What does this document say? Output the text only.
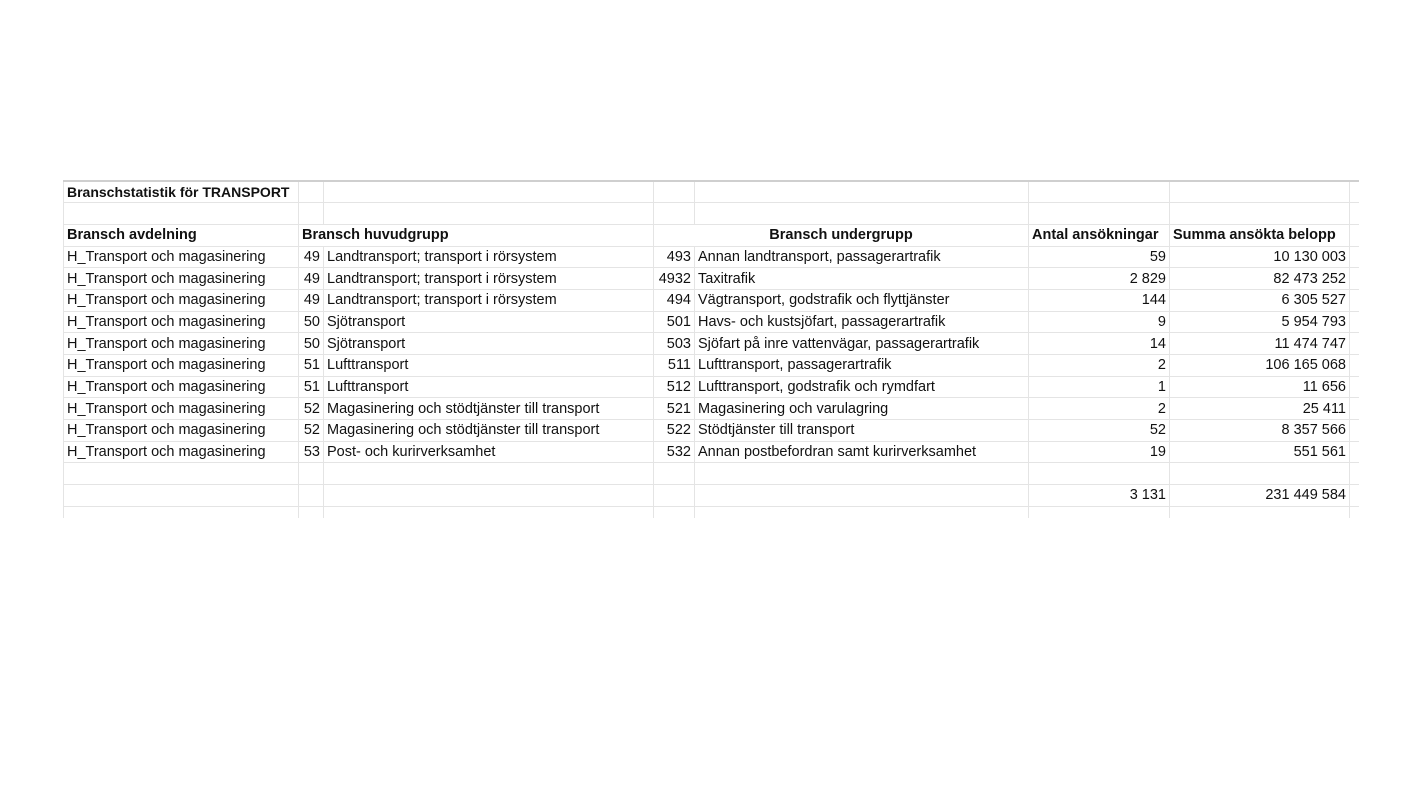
Branschstatistik för TRANSPORT							

Bransch avdelning	Bransch huvudgrupp		Bransch undergrupp		Antal ansökningar	Summa ansökta belopp	
H_Transport och magasinering	49	Landtransport; transport i rörsystem	493	Annan landtransport, passagerartrafik	59	10 130 003	
H_Transport och magasinering	49	Landtransport; transport i rörsystem	4932	Taxitrafik	2 829	82 473 252	
H_Transport och magasinering	49	Landtransport; transport i rörsystem	494	Vägtransport, godstrafik och flyttjänster	144	6 305 527	
H_Transport och magasinering	50	Sjötransport	501	Havs- och kustsjöfart, passagerartrafik	9	5 954 793	
H_Transport och magasinering	50	Sjötransport	503	Sjöfart på inre vattenvägar, passagerartrafik	14	11 474 747	
H_Transport och magasinering	51	Lufttransport	511	Lufttransport, passagerartrafik	2	106 165 068	
H_Transport och magasinering	51	Lufttransport	512	Lufttransport, godstrafik och rymdfart	1	11 656	
H_Transport och magasinering	52	Magasinering och stödtjänster till transport	521	Magasinering och varulagring	2	25 411	
H_Transport och magasinering	52	Magasinering och stödtjänster till transport	522	Stödtjänster till transport	52	8 357 566	
H_Transport och magasinering	53	Post- och kurirverksamhet	532	Annan postbefordran samt kurirverksamhet	19	551 561	

					3 131	231 449 584	
